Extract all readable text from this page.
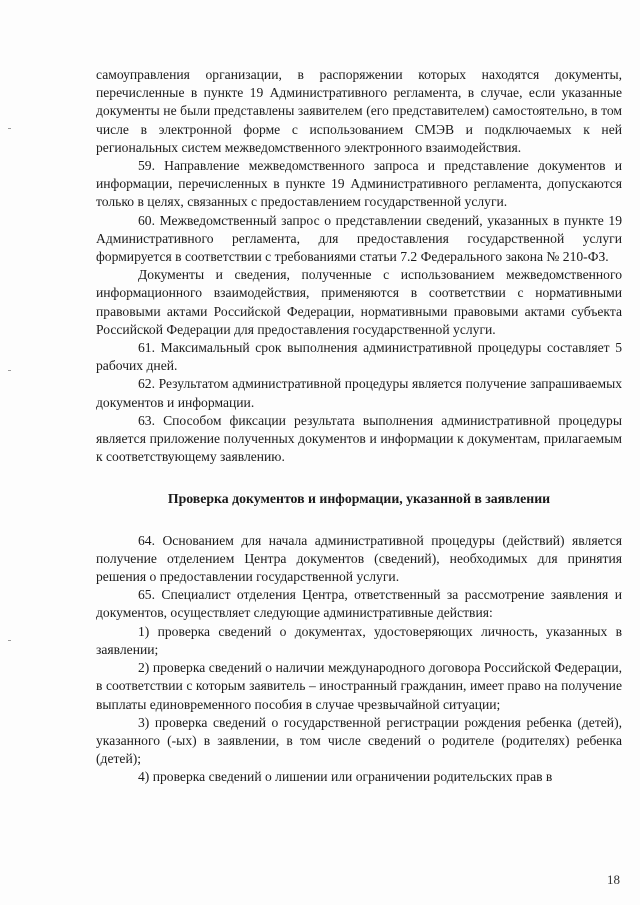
самоуправления организации, в распоряжении которых находятся документы, перечисленные в пункте 19 Административного регламента, в случае, если указанные документы не были представлены заявителем (его представителем) самостоятельно, в том числе в электронной форме с использованием СМЭВ и подключаемых к ней региональных систем межведомственного электронного взаимодействия.

59. Направление межведомственного запроса и представление документов и информации, перечисленных в пункте 19 Административного регламента, допускаются только в целях, связанных с предоставлением государственной услуги.

60. Межведомственный запрос о представлении сведений, указанных в пункте 19 Административного регламента, для предоставления государственной услуги формируется в соответствии с требованиями статьи 7.2 Федерального закона № 210-ФЗ.

Документы и сведения, полученные с использованием межведомственного информационного взаимодействия, применяются в соответствии с нормативными правовыми актами Российской Федерации, нормативными правовыми актами субъекта Российской Федерации для предоставления государственной услуги.

61. Максимальный срок выполнения административной процедуры составляет 5 рабочих дней.

62. Результатом административной процедуры является получение запрашиваемых документов и информации.

63. Способом фиксации результата выполнения административной процедуры является приложение полученных документов и информации к документам, прилагаемым к соответствующему заявлению.

Проверка документов и информации, указанной в заявлении

64. Основанием для начала административной процедуры (действий) является получение отделением Центра документов (сведений), необходимых для принятия решения о предоставлении государственной услуги.

65. Специалист отделения Центра, ответственный за рассмотрение заявления и документов, осуществляет следующие административные действия:

1) проверка сведений о документах, удостоверяющих личность, указанных в заявлении;

2) проверка сведений о наличии международного договора Российской Федерации, в соответствии с которым заявитель – иностранный гражданин, имеет право на получение выплаты единовременного пособия в случае чрезвычайной ситуации;

3) проверка сведений о государственной регистрации рождения ребенка (детей), указанного (-ых) в заявлении, в том числе сведений о родителе (родителях) ребенка (детей);

4) проверка сведений о лишении или ограничении родительских прав в

18
